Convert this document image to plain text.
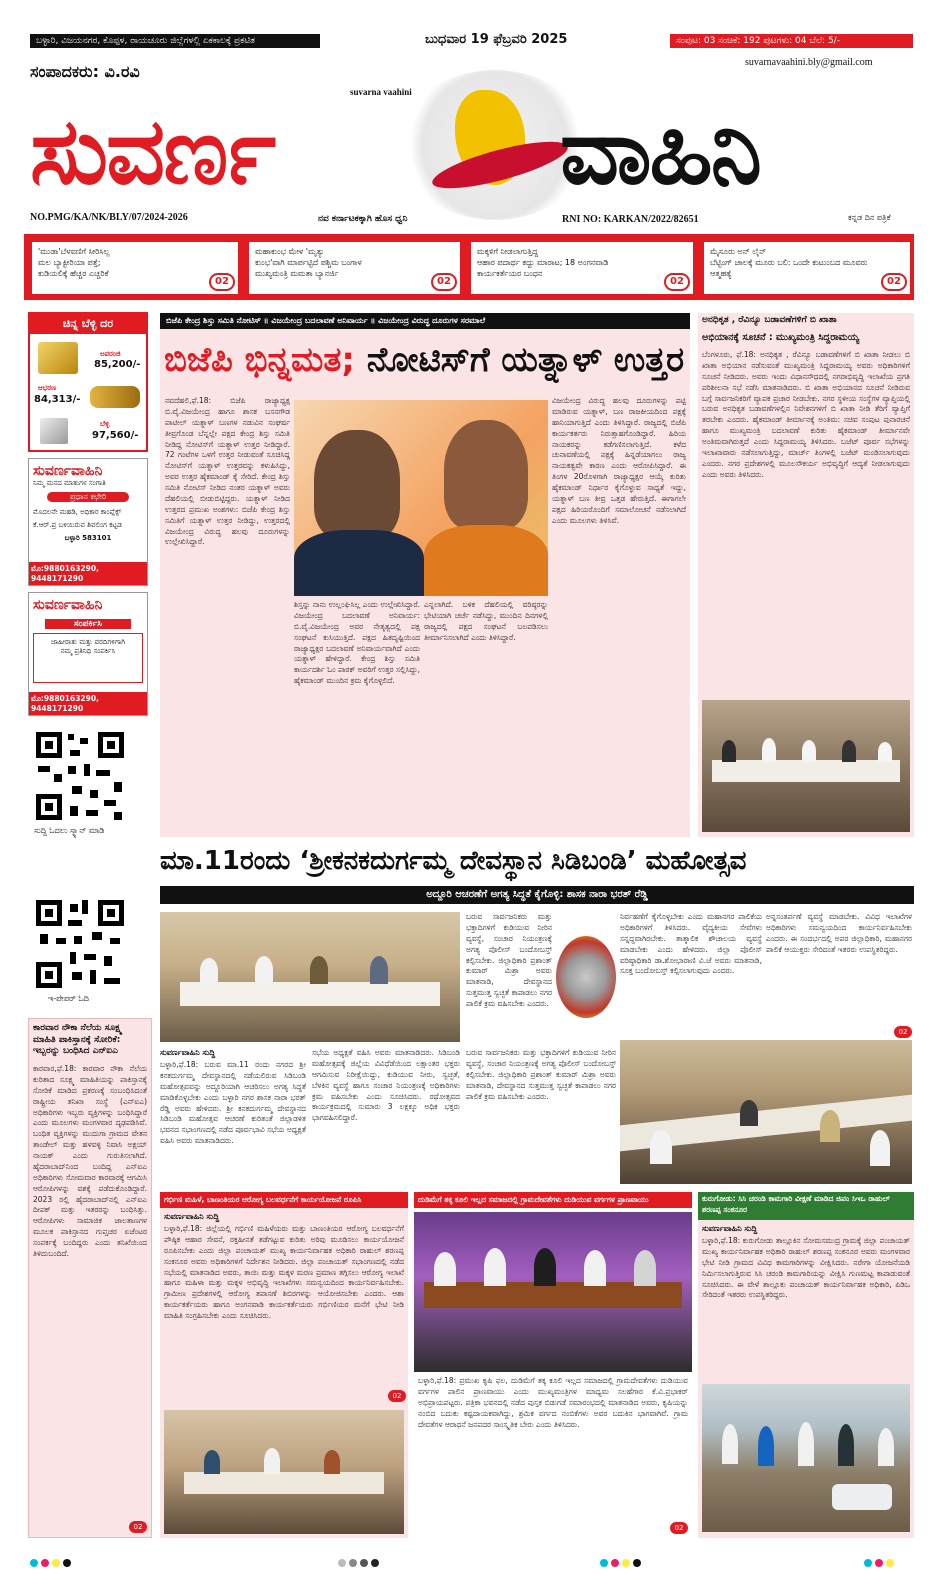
ಬಳ್ಳಾರಿ, ವಿಜಯನಗರ, ಕೊಪ್ಪಳ, ರಾಯಚೂರು ಜಿಲ್ಲೆಗಳಲ್ಲಿ ಏಕಕಾಲಕ್ಕೆ ಪ್ರಕಟಿತ	ಬುಧವಾರ 19 ಫೆಬ್ರವರಿ 2025	ಸಂಪುಟ: 03 ಸಂಚಿಕೆ: 192 ಪುಟಗಳು: 04 ಬೆಲೆ: 5/-
suvarnavaahini.bly@gmail.com
ಸಂಪಾದಕರು: ವಿ.ರವಿ
suvarna vaahini
ಸುವರ್ಣ	ವಾಹಿನಿ
NO.PMG/KA/NK/BLY/07/2024-2026	ನವ ಕರ್ನಾಟಕಕ್ಕಾಗಿ ಹೊಸ ಧ್ವನಿ	RNI NO: KARKAN/2022/82651	ಕನ್ನಡ ದಿನ ಪತ್ರಿಕೆ
'ಮುಡಾ'ಬೆಳವಣಿಗೆ ಸೀರಿಸಿಲ್ಲ
ಮಲ ಬ್ಯಾಕ್ಟೀರಿಯಾ ಪತ್ತೆ;
ಕುಡಿಯಲಿಕ್ಕೆ ಹೆಚ್ಚರ ಎಚ್ಚರಿಕೆ
02
ಮಹಾಕುಂಭ ಮೇಳ 'ಮೃತ್ಯು
ಕುಂಭ'ವಾಗಿ ಮಾರ್ಪಟ್ಟಿದೆ ಪಶ್ಚಿಮ ಬಂಗಾಳ
ಮುಖ್ಯಮಂತ್ರಿ ಮಮತಾ ಬ್ಯಾನರ್ಜಿ
02
ಮಕ್ಕಳಿಗೆ ನೀಡಲಾಗುತ್ತಿದ್ದ
ಆಹಾರ ಪದಾರ್ಥ ಕದ್ದು ಮಾರಾಟ; 18 ಅಂಗನವಾಡಿ
ಕಾರ್ಯಕರ್ತೆಯರ ಬಂಧನ
02
ಮೈಸೂರು ಅನ್ ಲೈನ್
ಬೆಟ್ಟಿಂಗ್ ಜಾಲಕ್ಕೆ ಮೂರು ಬಲಿ: ಒಂದೇ ಕುಟುಂಬದ ಮೂವರು
ಆತ್ಮಹತ್ಯೆ
02
ಚಿನ್ನ ಬೆಳ್ಳಿ ದರ
ಅಪರಂಜಿ
85,200/-
ಆಭರಣ
84,313/-
ಬೆಳ್ಳಿ
97,560/-
ಸುವರ್ಣವಾಹಿನಿ
ನಿಮ್ಮ ಮನದ ಮಾತುಗಳ ಸಂಗಾತಿ
ಪ್ರಧಾನ ಕಛೇರಿ
ಮೊದಲನೇ ಮಹಡಿ, ಅಧಿಕಾರ ಕಾಂಪ್ಲೆಕ್ಸ್
ಕೆ.ಆರ್.ಪ್ರ ಬಳಿಯಿರುವ ಶಿವಲಿಂಗ ಕಟ್ಟಡ
ಬಳ್ಳಾರಿ 583101
ಮೊ:9880163290, 9448171290
ಸುವರ್ಣವಾಹಿನಿ
ಸಂಪರ್ಕಿಸಿ
ಜಾಹೀರಾತು ಮತ್ತು ವರದಿಗಳಿಗಾಗಿ
ನಮ್ಮ ಪ್ರತಿನಿಧಿ ಸಂಪರ್ಕಿಸಿ
ಮೊ:9880163290, 9448171290
ಸುದ್ದಿ ಓದಲು ಸ್ಕ್ಯಾನ್ ಮಾಡಿ
ಇ-ಪೇಪರ್ ಓದಿ
ಕಾರವಾರ ನೌಕಾ ನೆಲೆಯ ಸೂಕ್ಷ್ಮ ಮಾಹಿತಿ ಪಾಕಿಸ್ತಾನಕ್ಕೆ ಸೋರಿಕೆ: ಇಬ್ಬರನ್ನು ಬಂಧಿಸಿದ ಎನ್ಐಎ
ಕಾರವಾರ,ಫೆ.18: ಕಾರವಾರ ನೌಕಾ ನೆಲೆಯ ಕುರಿತಾದ ಸೂಕ್ಷ್ಮ ಮಾಹಿತಿಯನ್ನು ಪಾಕಿಸ್ತಾನಕ್ಕೆ ಸೋರಿಕೆ ಮಾಡಿದ ಪ್ರಕರಣಕ್ಕೆ ಸಂಬಂಧಿಸಿದಂತೆ ರಾಷ್ಟ್ರೀಯ ತನಿಖಾ ಸಂಸ್ಥೆ (ಎನ್‌ಐಎ) ಅಧಿಕಾರಿಗಳು ಇಬ್ಬರು ವ್ಯಕ್ತಿಗಳನ್ನು ಬಂಧಿಸಿದ್ದಾರೆ ಎಂದು ಮೂಲಗಳು ಮಂಗಳವಾರ ದೃಢಪಡಿಸಿವೆ. ಬಂಧಿತ ವ್ಯಕ್ತಿಗಳನ್ನು ಮುದುಗಾ ಗ್ರಾಮದ ವೇತನ ತಾಂಡೇಲ್ ಮತ್ತು ಹಳವಳ್ಳಿ ನಿವಾಸಿ ಅಕ್ಷಯ್ ನಾಯಕ್ ಎಂದು ಗುರುತಿಸಲಾಗಿದೆ. ಹೈದರಾಬಾದ್‌ನಿಂದ ಬಂದಿದ್ದ ಎನ್‌ಐಎ ಅಧಿಕಾರಿಗಳು ಸೋಮವಾರ ಕಾರವಾರಕ್ಕೆ ಆಗಮಿಸಿ ಆರೋಪಿಗಳನ್ನು ವಶಕ್ಕೆ ಪಡೆದುಕೊಂಡಿದ್ದಾರೆ. 2023 ರಲ್ಲಿ ಹೈದರಾಬಾದ್‌ನಲ್ಲಿ ಎನ್‌ಐಎ ದೀಪಕ್ ಮತ್ತು ಇತರರನ್ನು ಬಂಧಿಸಿತ್ತು. ಆರೋಪಿಗಳು ಸಾಮಾಜಿಕ ಜಾಲತಾಣಗಳ ಮೂಲಕ ಪಾಕಿಸ್ತಾನದ ಗುಪ್ತಚರ ಏಜೆಂಟರ ಸಂಪರ್ಕಕ್ಕೆ ಬಂದಿದ್ದರು ಎಂದು ತನಿಖೆಯಿಂದ ತಿಳಿದುಬಂದಿದೆ.
02
ಬಿಜೆಪಿ ಕೇಂದ್ರ ಶಿಸ್ತು ಸಮಿತಿ ನೋಟಿಸ್ ॥ ವಿಜಯೇಂದ್ರ ಬದಲಾವಣೆ ಅನಿವಾರ್ಯ ॥ ವಿಜಯೇಂದ್ರ ವಿರುದ್ಧ ದೂರುಗಳ ಸರಮಾಲೆ
ಬಿಜೆಪಿ ಭಿನ್ನಮತ; ನೋಟಿಸ್‌ಗೆ ಯತ್ನಾಳ್ ಉತ್ತರ
ನವದೆಹಲಿ,ಫೆ.18: ಬಿಜೆಪಿ ರಾಜ್ಯಾಧ್ಯಕ್ಷ ಬಿ.ವೈ.ವಿಜಯೇಂದ್ರ ಹಾಗೂ ಶಾಸಕ ಬಸನಗೌಡ ಪಾಟೀಲ್ ಯತ್ನಾಳ್ ಬಣಗಳ ನಡುವಿನ ಸಂಘರ್ಷ ತೀವ್ರಗೊಂಡ ಬೆನ್ನಲ್ಲೇ ಪಕ್ಷದ ಕೇಂದ್ರ ಶಿಸ್ತು ಸಮಿತಿ ನೀಡಿದ್ದ ನೋಟಿಸ್‌ಗೆ ಯತ್ನಾಳ್ ಉತ್ತರ ನೀಡಿದ್ದಾರೆ. 72 ಗಂಟೆಗಳ ಒಳಗೆ ಉತ್ತರ ನೀಡುವಂತೆ ಸೂಚಿಸಿದ್ದ ನೋಟಿಸ್‌ಗೆ ಯತ್ನಾಳ್ ಉತ್ತರವನ್ನು ಕಳುಹಿಸಿದ್ದು, ಅವರ ಉತ್ತರ ಹೈಕಮಾಂಡ್ ಕೈ ಸೇರಿದೆ. ಕೇಂದ್ರ ಶಿಸ್ತು ಸಮಿತಿ ನೋಟಿಸ್ ನೀಡಿದ ನಂತರ ಯತ್ನಾಳ್ ಅವರು ದೆಹಲಿಯಲ್ಲಿ ಬೀಡುಬಿಟ್ಟಿದ್ದರು. ಯತ್ನಾಳ್ ನೀಡಿದ ಉತ್ತರದ ಪ್ರಮುಖ ಅಂಶಗಳು: ಬಿಜೆಪಿ ಕೇಂದ್ರ ಶಿಸ್ತು ಸಮಿತಿಗೆ ಯತ್ನಾಳ್ ಉತ್ತರ ನೀಡಿದ್ದು, ಉತ್ತರದಲ್ಲಿ ವಿಜಯೇಂದ್ರ ವಿರುದ್ಧ ಹಲವು ದೂರುಗಳನ್ನು ಉಲ್ಲೇಖಿಸಿದ್ದಾರೆ.
ಶಿಸ್ತನ್ನು ನಾನು ಉಲ್ಲಂಘಿಸಿಲ್ಲ ಎಂದು ಉಲ್ಲೇಖಿಸಿದ್ದಾರೆ. ವಿಜಯೇಂದ್ರ ಬದಲಾವಣೆ ಅನಿವಾರ್ಯ: ಬಿ.ವೈ.ವಿಜಯೇಂದ್ರ ಅವರ ನೇತೃತ್ವದಲ್ಲಿ ಪಕ್ಷ ಸಂಘಟನೆ ಕುಸಿಯುತ್ತಿದೆ. ಪಕ್ಷದ ಹಿತದೃಷ್ಟಿಯಿಂದ ರಾಜ್ಯಾಧ್ಯಕ್ಷರ ಬದಲಾವಣೆ ಅನಿವಾರ್ಯವಾಗಿದೆ ಎಂದು ಯತ್ನಾಳ್ ಹೇಳಿದ್ದಾರೆ. ಕೇಂದ್ರ ಶಿಸ್ತು ಸಮಿತಿ ಕಾರ್ಯದರ್ಶಿ ಓಂ ಪಾಠಕ್ ಅವರಿಗೆ ಉತ್ತರ ಸಲ್ಲಿಸಿದ್ದು, ಹೈಕಮಾಂಡ್ ಮುಂದಿನ ಕ್ರಮ ಕೈಗೊಳ್ಳಲಿದೆ.
ಎನ್ನಲಾಗಿದೆ. ಬಳಿಕ ದೆಹಲಿಯಲ್ಲಿ ವರಿಷ್ಠರನ್ನು ಭೇಟಿಯಾಗಿ ಚರ್ಚೆ ನಡೆಸಿದ್ದು, ಮುಂದಿನ ದಿನಗಳಲ್ಲಿ ರಾಜ್ಯದಲ್ಲಿ ಪಕ್ಷದ ಸಂಘಟನೆ ಬಲಪಡಿಸಲು ತೀರ್ಮಾನಿಸಲಾಗಿದೆ ಎಂದು ತಿಳಿಸಿದ್ದಾರೆ.
ವಿಜಯೇಂದ್ರ ವಿರುದ್ಧ ಹಲವು ದೂರುಗಳನ್ನು ಪಟ್ಟಿ ಮಾಡಿರುವ ಯತ್ನಾಳ್, ಬಣ ರಾಜಕೀಯದಿಂದ ಪಕ್ಷಕ್ಕೆ ಹಾನಿಯಾಗುತ್ತಿದೆ ಎಂದು ತಿಳಿಸಿದ್ದಾರೆ. ರಾಜ್ಯದಲ್ಲಿ ಬಿಜೆಪಿ ಕಾರ್ಯಕರ್ತರು ನಿರುತ್ಸಾಹಗೊಂಡಿದ್ದಾರೆ. ಹಿರಿಯ ನಾಯಕರನ್ನು ಕಡೆಗಣಿಸಲಾಗುತ್ತಿದೆ. ಕಳೆದ ಚುನಾವಣೆಯಲ್ಲಿ ಪಕ್ಷಕ್ಕೆ ಹಿನ್ನಡೆಯಾಗಲು ರಾಜ್ಯ ನಾಯಕತ್ವವೇ ಕಾರಣ ಎಂದು ಆರೋಪಿಸಿದ್ದಾರೆ. ಈ ತಿಂಗಳ 20ರೊಳಗಾಗಿ ರಾಜ್ಯಾಧ್ಯಕ್ಷರ ಆಯ್ಕೆ ಕುರಿತು ಹೈಕಮಾಂಡ್ ನಿರ್ಧಾರ ಕೈಗೊಳ್ಳುವ ಸಾಧ್ಯತೆ ಇದ್ದು, ಯತ್ನಾಳ್ ಬಣ ತೀವ್ರ ಒತ್ತಡ ಹೇರುತ್ತಿದೆ. ಈಗಾಗಲೇ ಪಕ್ಷದ ಹಿರಿಯರೊಂದಿಗೆ ಸಮಾಲೋಚನೆ ನಡೆಸಲಾಗಿದೆ ಎಂದು ಮೂಲಗಳು ತಿಳಿಸಿವೆ.
ಅನಧಿಕೃತ , ರೆವಿನ್ಯೂ ಬಡಾವಣೆಗಳಿಗೆ ಬಿ ಖಾತಾ
ಅಭಿಯಾನಕ್ಕೆ ಸೂಚನೆ : ಮುಖ್ಯಮಂತ್ರಿ ಸಿದ್ದರಾಮಯ್ಯ
ಬೆಂಗಳೂರು, ಫೆ.18: ಅನಧಿಕೃತ , ರೆವಿನ್ಯೂ ಬಡಾವಣೆಗಳಿಗೆ ಬಿ ಖಾತಾ ನೀಡಲು ಬಿ ಖಾತಾ ಅಭಿಯಾನ ನಡೆಸುವಂತೆ ಮುಖ್ಯಮಂತ್ರಿ ಸಿದ್ದರಾಮಯ್ಯ ಅವರು ಅಧಿಕಾರಿಗಳಿಗೆ ಸೂಚನೆ ನೀಡಿದರು. ಅವರು ಇಂದು ವಿಧಾನಸೌಧದಲ್ಲಿ ನಗರಾಭಿವೃದ್ಧಿ ಇಲಾಖೆಯ ಪ್ರಗತಿ ಪರಿಶೀಲನಾ ಸಭೆ ನಡೆಸಿ ಮಾತನಾಡಿದರು. ಬಿ ಖಾತಾ ಅಭಿಯಾನದ ಸೂಚನೆ ನೀಡಿರುವ ಬಗ್ಗೆ ಸಾರ್ವಜನಿಕರಿಗೆ ವ್ಯಾಪಕ ಪ್ರಚಾರ ನೀಡಬೇಕು. ನಗರ ಸ್ಥಳೀಯ ಸಂಸ್ಥೆಗಳ ವ್ಯಾಪ್ತಿಯಲ್ಲಿ ಬರುವ ಅನಧಿಕೃತ ಬಡಾವಣೆಗಳಲ್ಲಿನ ನಿವೇಶನಗಳಿಗೆ ಬಿ ಖಾತಾ ನೀಡಿ ತೆರಿಗೆ ವ್ಯಾಪ್ತಿಗೆ ತರಬೇಕು ಎಂದರು. ಹೈಕಮಾಂಡ್ ತೀರ್ಮಾನಕ್ಕೆ ಅಂತಿಮ: ಸಚಿವ ಸಂಪುಟ ಪುನಾರಚನೆ ಹಾಗೂ ಮುಖ್ಯಮಂತ್ರಿ ಬದಲಾವಣೆ ಕುರಿತು ಹೈಕಮಾಂಡ್ ತೀರ್ಮಾನವೇ ಅಂತಿಮವಾಗಿರುತ್ತದೆ ಎಂದು ಸಿದ್ದರಾಮಯ್ಯ ತಿಳಿಸಿದರು. ಬಜೆಟ್ ಪೂರ್ವ ಸಭೆಗಳನ್ನು ಇಲಾಖಾವಾರು ನಡೆಸಲಾಗುತ್ತಿದ್ದು, ಮಾರ್ಚ್ ತಿಂಗಳಲ್ಲಿ ಬಜೆಟ್ ಮಂಡಿಸಲಾಗುವುದು ಎಂದರು. ನಗರ ಪ್ರದೇಶಗಳಲ್ಲಿ ಮೂಲಸೌಕರ್ಯ ಅಭಿವೃದ್ಧಿಗೆ ಆದ್ಯತೆ ನೀಡಲಾಗುವುದು ಎಂದು ಅವರು ತಿಳಿಸಿದರು.
ಮಾ.11ರಂದು ‘ಶ್ರೀಕನಕದುರ್ಗಮ್ಮ ದೇವಸ್ಥಾನ ಸಿಡಿಬಂಡಿ’ ಮಹೋತ್ಸವ
ಅದ್ದೂರಿ ಆಚರಣೆಗೆ ಅಗತ್ಯ ಸಿದ್ಧತೆ ಕೈಗೊಳ್ಳಿ: ಶಾಸಕ ನಾರಾ ಭರತ್ ರೆಡ್ಡಿ
ಬರುವ ಸಾರ್ವಜನಿಕರು ಮತ್ತು ಭಕ್ತಾದಿಗಳಿಗೆ ಕುಡಿಯುವ ನೀರಿನ ವ್ಯವಸ್ಥೆ, ಸಂಚಾರ ನಿಯಂತ್ರಣಕ್ಕೆ ಅಗತ್ಯ ಪೊಲೀಸ್ ಬಂದೋಬಸ್ತ್ ಕಲ್ಪಿಸಬೇಕು. ಜಿಲ್ಲಾಧಿಕಾರಿ ಪ್ರಶಾಂತ್ ಕುಮಾರ್ ಮಿಶ್ರಾ ಅವರು ಮಾತನಾಡಿ, ದೇವಸ್ಥಾನದ ಸುತ್ತಮುತ್ತ ಸ್ವಚ್ಛತೆ ಕಾಪಾಡಲು ನಗರ ಪಾಲಿಕೆ ಕ್ರಮ ವಹಿಸಬೇಕು ಎಂದರು.
ನಿರ್ವಹಣೆಗೆ ಕೈಗೊಳ್ಳಬೇಕು ಎಂದು ಮಹಾನಗರ ಪಾಲಿಕೆಯ ಅಧಿಕಾರಿಗಳಿಗೆ ತಿಳಿಸಿದರು. ವೈದ್ಯಕೀಯ ಸೇವೆಗಳು ಸನ್ನದ್ಧವಾಗಿರಬೇಕು. ತಾತ್ಕಾಲಿಕ ಶೌಚಾಲಯ ವ್ಯವಸ್ಥೆ ಮಾಡಬೇಕು ಎಂದು ಹೇಳಿದರು. ಜಿಲ್ಲಾ ಪೊಲೀಸ್ ವರಿಷ್ಠಾಧಿಕಾರಿ ಡಾ.ಶೋಭಾರಾಣಿ ವಿ.ಜೆ ಅವರು ಮಾತನಾಡಿ, ಸೂಕ್ತ ಬಂದೋಬಸ್ತ್ ಕಲ್ಪಿಸಲಾಗುವುದು ಎಂದರು.
ಅನ್ನಸಂತರ್ಪಣೆ ವ್ಯವಸ್ಥೆ ಮಾಡಬೇಕು. ವಿವಿಧ ಇಲಾಖೆಗಳ ಅಧಿಕಾರಿಗಳು ಸಮನ್ವಯದಿಂದ ಕಾರ್ಯನಿರ್ವಹಿಸಬೇಕು ಎಂದರು. ಈ ಸಂದರ್ಭದಲ್ಲಿ ಅಪರ ಜಿಲ್ಲಾಧಿಕಾರಿ, ಮಹಾನಗರ ಪಾಲಿಕೆ ಆಯುಕ್ತರು ಸೇರಿದಂತೆ ಇತರರು ಉಪಸ್ಥಿತರಿದ್ದರು.
02
ಸುವರ್ಣವಾಹಿನಿ ಸುದ್ದಿ
ಬಳ್ಳಾರಿ,ಫೆ.18: ಬರುವ ಮಾ.11 ರಂದು ನಗರದ ಶ್ರೀ ಕನಕದುರ್ಗಮ್ಮ ದೇವಸ್ಥಾನದಲ್ಲಿ ನಡೆಯಲಿರುವ ಸಿಡಿಬಂಡಿ ಮಹೋತ್ಸವವನ್ನು ಅದ್ದೂರಿಯಾಗಿ ಆಚರಿಸಲು ಅಗತ್ಯ ಸಿದ್ಧತೆ ಮಾಡಿಕೊಳ್ಳಬೇಕು ಎಂದು ಬಳ್ಳಾರಿ ನಗರ ಶಾಸಕ ನಾರಾ ಭರತ್ ರೆಡ್ಡಿ ಅವರು ಹೇಳಿದರು. ಶ್ರೀ ಕನಕದುರ್ಗಮ್ಮ ದೇವಸ್ಥಾನದ ಸಿಡಿಬಂಡಿ ಮಹೋತ್ಸವ ಆಚರಣೆ ಕುರಿತಂತೆ ಜಿಲ್ಲಾಡಳಿತ ಭವನದ ಸಭಾಂಗಣದಲ್ಲಿ ನಡೆದ ಪೂರ್ವಭಾವಿ ಸಭೆಯ ಅಧ್ಯಕ್ಷತೆ ವಹಿಸಿ ಅವರು ಮಾತನಾಡಿದರು.
ಸಭೆಯ ಅಧ್ಯಕ್ಷತೆ ವಹಿಸಿ ಅವರು ಮಾತನಾಡಿದರು. ಸಿಡಿಬಂಡಿ ಮಹೋತ್ಸವಕ್ಕೆ ಜಿಲ್ಲೆಯ ವಿವಿಧೆಡೆಯಿಂದ ಲಕ್ಷಾಂತರ ಭಕ್ತರು ಆಗಮಿಸುವ ನಿರೀಕ್ಷೆಯಿದ್ದು, ಕುಡಿಯುವ ನೀರು, ಸ್ವಚ್ಛತೆ, ಬೆಳಕಿನ ವ್ಯವಸ್ಥೆ ಹಾಗೂ ಸಂಚಾರ ನಿಯಂತ್ರಣಕ್ಕೆ ಅಧಿಕಾರಿಗಳು ಕ್ರಮ ವಹಿಸಬೇಕು ಎಂದು ಸೂಚಿಸಿದರು. ರಥೋತ್ಸವದ ಕಾರ್ಯಕ್ರಮದಲ್ಲಿ ಸುಮಾರು 3 ಲಕ್ಷಕ್ಕೂ ಅಧಿಕ ಭಕ್ತರು ಭಾಗವಹಿಸಲಿದ್ದಾರೆ.
ಬರುವ ಸಾರ್ವಜನಿಕರು ಮತ್ತು ಭಕ್ತಾದಿಗಳಿಗೆ ಕುಡಿಯುವ ನೀರಿನ ವ್ಯವಸ್ಥೆ, ಸಂಚಾರ ನಿಯಂತ್ರಣಕ್ಕೆ ಅಗತ್ಯ ಪೊಲೀಸ್ ಬಂದೋಬಸ್ತ್ ಕಲ್ಪಿಸಬೇಕು. ಜಿಲ್ಲಾಧಿಕಾರಿ ಪ್ರಶಾಂತ್ ಕುಮಾರ್ ಮಿಶ್ರಾ ಅವರು ಮಾತನಾಡಿ, ದೇವಸ್ಥಾನದ ಸುತ್ತಮುತ್ತ ಸ್ವಚ್ಛತೆ ಕಾಪಾಡಲು ನಗರ ಪಾಲಿಕೆ ಕ್ರಮ ವಹಿಸಬೇಕು ಎಂದರು.
ಗರ್ಭಿಣಿ ಮಹಿಳೆ, ಬಾಣಂತಿಯರ ಆರೋಗ್ಯ ಬಲವರ್ಧನೆಗೆ ಕಾರ್ಯಯೋಜನೆ ರೂಪಿಸಿ
ಸುವರ್ಣವಾಹಿನಿ ಸುದ್ದಿ
ಬಳ್ಳಾರಿ,ಫೆ.18: ಜಿಲ್ಲೆಯಲ್ಲಿ ಗರ್ಭಿಣಿ ಮಹಿಳೆಯರು ಮತ್ತು ಬಾಣಂತಿಯರ ಆರೋಗ್ಯ ಬಲವರ್ಧನೆಗೆ ಪೌಷ್ಠಿಕ ಆಹಾರ ಸೇವನೆ, ರಕ್ತಹೀನತೆ ತಡೆಗಟ್ಟುವ ಕುರಿತು ಅರಿವು ಮೂಡಿಸಲು ಕಾರ್ಯಯೋಜನೆ ರೂಪಿಸಬೇಕು ಎಂದು ಜಿಲ್ಲಾ ಪಂಚಾಯತ್ ಮುಖ್ಯ ಕಾರ್ಯನಿರ್ವಾಹಕ ಅಧಿಕಾರಿ ರಾಹುಲ್ ಶರಣಪ್ಪ ಸಂಕನೂರ ಅವರು ಅಧಿಕಾರಿಗಳಿಗೆ ನಿರ್ದೇಶನ ನೀಡಿದರು. ಜಿಲ್ಲಾ ಪಂಚಾಯತ್ ಸಭಾಂಗಣದಲ್ಲಿ ನಡೆದ ಸಭೆಯಲ್ಲಿ ಮಾತನಾಡಿದ ಅವರು, ತಾಯಿ ಮತ್ತು ಮಕ್ಕಳ ಮರಣ ಪ್ರಮಾಣ ತಗ್ಗಿಸಲು ಆರೋಗ್ಯ ಇಲಾಖೆ ಹಾಗೂ ಮಹಿಳಾ ಮತ್ತು ಮಕ್ಕಳ ಅಭಿವೃದ್ಧಿ ಇಲಾಖೆಗಳು ಸಮನ್ವಯದಿಂದ ಕಾರ್ಯನಿರ್ವಹಿಸಬೇಕು. ಗ್ರಾಮೀಣ ಪ್ರದೇಶಗಳಲ್ಲಿ ಆರೋಗ್ಯ ತಪಾಸಣೆ ಶಿಬಿರಗಳನ್ನು ಆಯೋಜಿಸಬೇಕು ಎಂದರು. ಆಶಾ ಕಾರ್ಯಕರ್ತೆಯರು ಹಾಗೂ ಅಂಗನವಾಡಿ ಕಾರ್ಯಕರ್ತೆಯರು ಗರ್ಭಿಣಿಯರ ಮನೆಗೆ ಭೇಟಿ ನೀಡಿ ಮಾಹಿತಿ ಸಂಗ್ರಹಿಸಬೇಕು ಎಂದು ಸೂಚಿಸಿದರು.
02
ದುಡಿಮೆಗೆ ತಕ್ಕ ಕೂಲಿ ಇಲ್ಲದ ಸಮಾಜದಲ್ಲಿ ಗ್ರಾಮದೇವತೆಗಳು ದುಡಿಯುವ ವರ್ಗಗಳ ಪ್ರಾಣವಾಯು
ಬಳ್ಳಾರಿ,ಫೆ.18: ಪ್ರಮುಖ ಕೃಷಿ ಫಲ, ದುಡಿಮೆಗೆ ತಕ್ಕ ಕೂಲಿ ಇಲ್ಲದ ಸಮಾಜದಲ್ಲಿ ಗ್ರಾಮದೇವತೆಗಳು ದುಡಿಯುವ ವರ್ಗಗಳ ಪಾಲಿನ ಪ್ರಾಣವಾಯು ಎಂದು ಮುಖ್ಯಮಂತ್ರಿಗಳ ಮಾಧ್ಯಮ ಸಲಹೆಗಾರ ಕೆ.ವಿ.ಪ್ರಭಾಕರ್ ಅಭಿಪ್ರಾಯಪಟ್ಟರು. ಪತ್ರಿಕಾ ಭವನದಲ್ಲಿ ನಡೆದ ಪುಸ್ತಕ ಬಿಡುಗಡೆ ಸಮಾರಂಭದಲ್ಲಿ ಮಾತನಾಡಿದ ಅವರು, ಕೃಷಿಯನ್ನು ನಂಬಿದ ಬದುಕು ಕಷ್ಟದಾಯಕವಾಗಿದ್ದು, ಶ್ರಮಿಕ ವರ್ಗದ ನಂಬಿಕೆಗಳು ಅವರ ಬದುಕಿನ ಭಾಗವಾಗಿವೆ. ಗ್ರಾಮ ದೇವತೆಗಳ ಆರಾಧನೆ ಜನಪದರ ಸಾಂಸ್ಕೃತಿಕ ಬೇರು ಎಂದು ತಿಳಿಸಿದರು.
02
ಕುರುಗೋಡು: ಸಿಸಿ ಚರಂಡಿ ಕಾಮಗಾರಿ ವೀಕ್ಷಣೆ ಮಾಡಿದ ಜಿಪಂ ಸಿಇಒ ರಾಹುಲ್ ಶರಣಪ್ಪ ಸಂಕನೂರ
ಸುವರ್ಣವಾಹಿನಿ ಸುದ್ದಿ
ಬಳ್ಳಾರಿ,ಫೆ.18: ಕುರುಗೋಡು ತಾಲ್ಲೂಕಿನ ಸೋಮಸಮುದ್ರ ಗ್ರಾಮಕ್ಕೆ ಜಿಲ್ಲಾ ಪಂಚಾಯತ್ ಮುಖ್ಯ ಕಾರ್ಯನಿರ್ವಾಹಕ ಅಧಿಕಾರಿ ರಾಹುಲ್ ಶರಣಪ್ಪ ಸಂಕನೂರ ಅವರು ಮಂಗಳವಾರ ಭೇಟಿ ನೀಡಿ ಗ್ರಾಮದ ವಿವಿಧ ಕಾಮಗಾರಿಗಳನ್ನು ವೀಕ್ಷಿಸಿದರು. ನರೇಗಾ ಯೋಜನೆಯಡಿ ನಿರ್ಮಿಸಲಾಗುತ್ತಿರುವ ಸಿಸಿ ಚರಂಡಿ ಕಾಮಗಾರಿಯನ್ನು ವೀಕ್ಷಿಸಿ ಗುಣಮಟ್ಟ ಕಾಪಾಡುವಂತೆ ಸೂಚಿಸಿದರು. ಈ ವೇಳೆ ತಾಲ್ಲೂಕು ಪಂಚಾಯತ್ ಕಾರ್ಯನಿರ್ವಾಹಕ ಅಧಿಕಾರಿ, ಪಿಡಿಒ ಸೇರಿದಂತೆ ಇತರರು ಉಪಸ್ಥಿತರಿದ್ದರು.
